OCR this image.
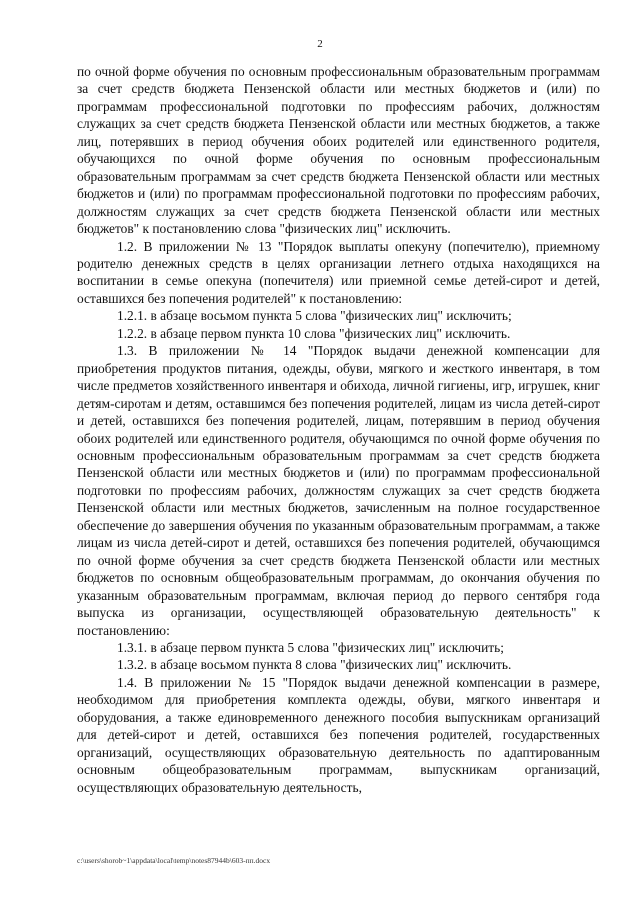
2

по очной форме обучения по основным профессиональным образовательным программам за счет средств бюджета Пензенской области или местных бюджетов и (или) по программам профессиональной подготовки по профессиям рабочих, должностям служащих за счет средств бюджета Пензенской области или местных бюджетов, а также лиц, потерявших в период обучения обоих родителей или единственного родителя, обучающихся по очной форме обучения по основным профессиональным образовательным программам за счет средств бюджета Пензенской области или местных бюджетов и (или) по программам профессиональной подготовки по профессиям рабочих, должностям служащих за счет средств бюджета Пензенской области или местных бюджетов" к постановлению слова "физических лиц" исключить.

1.2. В приложении № 13 "Порядок выплаты опекуну (попечителю), приемному родителю денежных средств в целях организации летнего отдыха находящихся на воспитании в семье опекуна (попечителя) или приемной семье детей-сирот и детей, оставшихся без попечения родителей" к постановлению:

1.2.1. в абзаце восьмом пункта 5 слова "физических лиц" исключить;

1.2.2. в абзаце первом пункта 10 слова "физических лиц" исключить.

1.3. В приложении № 14 "Порядок выдачи денежной компенсации для приобретения продуктов питания, одежды, обуви, мягкого и жесткого инвентаря, в том числе предметов хозяйственного инвентаря и обихода, личной гигиены, игр, игрушек, книг детям-сиротам и детям, оставшимся без попечения родителей, лицам из числа детей-сирот и детей, оставшихся без попечения родителей, лицам, потерявшим в период обучения обоих родителей или единственного родителя, обучающимся по очной форме обучения по основным профессиональным образовательным программам за счет средств бюджета Пензенской области или местных бюджетов и (или) по программам профессиональной подготовки по профессиям рабочих, должностям служащих за счет средств бюджета Пензенской области или местных бюджетов, зачисленным на полное государственное обеспечение до завершения обучения по указанным образовательным программам, а также лицам из числа детей-сирот и детей, оставшихся без попечения родителей, обучающимся по очной форме обучения за счет средств бюджета Пензенской области или местных бюджетов по основным общеобразовательным программам, до окончания обучения по указанным образовательным программам, включая период до первого сентября года выпуска из организации, осуществляющей образовательную деятельность" к постановлению:

1.3.1. в абзаце первом пункта 5 слова "физических лиц" исключить;

1.3.2. в абзаце восьмом пункта 8 слова "физических лиц" исключить.

1.4. В приложении № 15 "Порядок выдачи денежной компенсации в размере, необходимом для приобретения комплекта одежды, обуви, мягкого инвентаря и оборудования, а также единовременного денежного пособия выпускникам организаций для детей-сирот и детей, оставшихся без попечения родителей, государственных организаций, осуществляющих образовательную деятельность по адаптированным основным общеобразовательным программам, выпускникам организаций, осуществляющих образовательную деятельность,

c:\users\shorob~1\appdata\local\temp\notes87944b\603-пп.docx
